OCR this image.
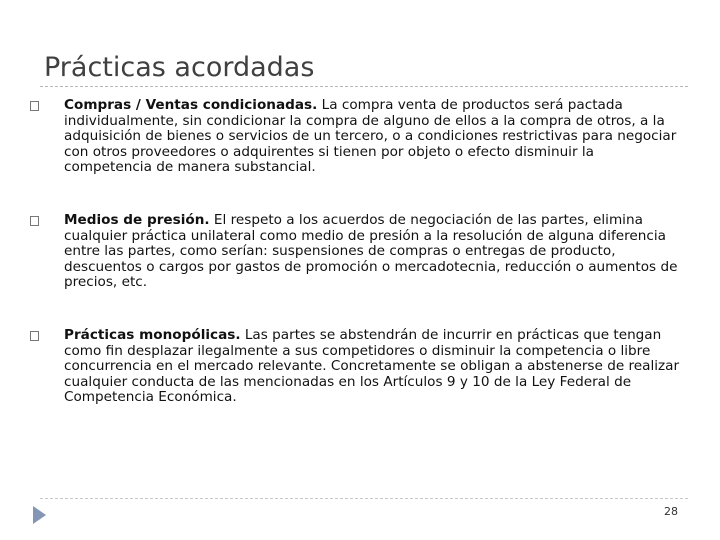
Prácticas acordadas
Compras / Ventas condicionadas. La compra venta de productos será pactada individualmente, sin condicionar la compra de alguno de ellos a la compra de otros, a la adquisición de bienes o servicios de un tercero, o a condiciones restrictivas para negociar con otros proveedores o adquirentes si tienen por objeto o efecto disminuir la competencia de manera substancial.
Medios de presión. El respeto a los acuerdos de negociación de las partes, elimina cualquier práctica unilateral como medio de presión a la resolución de alguna diferencia entre las partes, como serían: suspensiones de compras o entregas de producto, descuentos o cargos por gastos de promoción o mercadotecnia, reducción o aumentos de precios, etc.
Prácticas monopólicas. Las partes se abstendrán de incurrir en prácticas que tengan como fin desplazar ilegalmente a sus competidores o disminuir la competencia o libre concurrencia en el mercado relevante. Concretamente se obligan a abstenerse de realizar cualquier conducta de las mencionadas en los Artículos 9 y 10 de la Ley Federal de Competencia Económica.
28
